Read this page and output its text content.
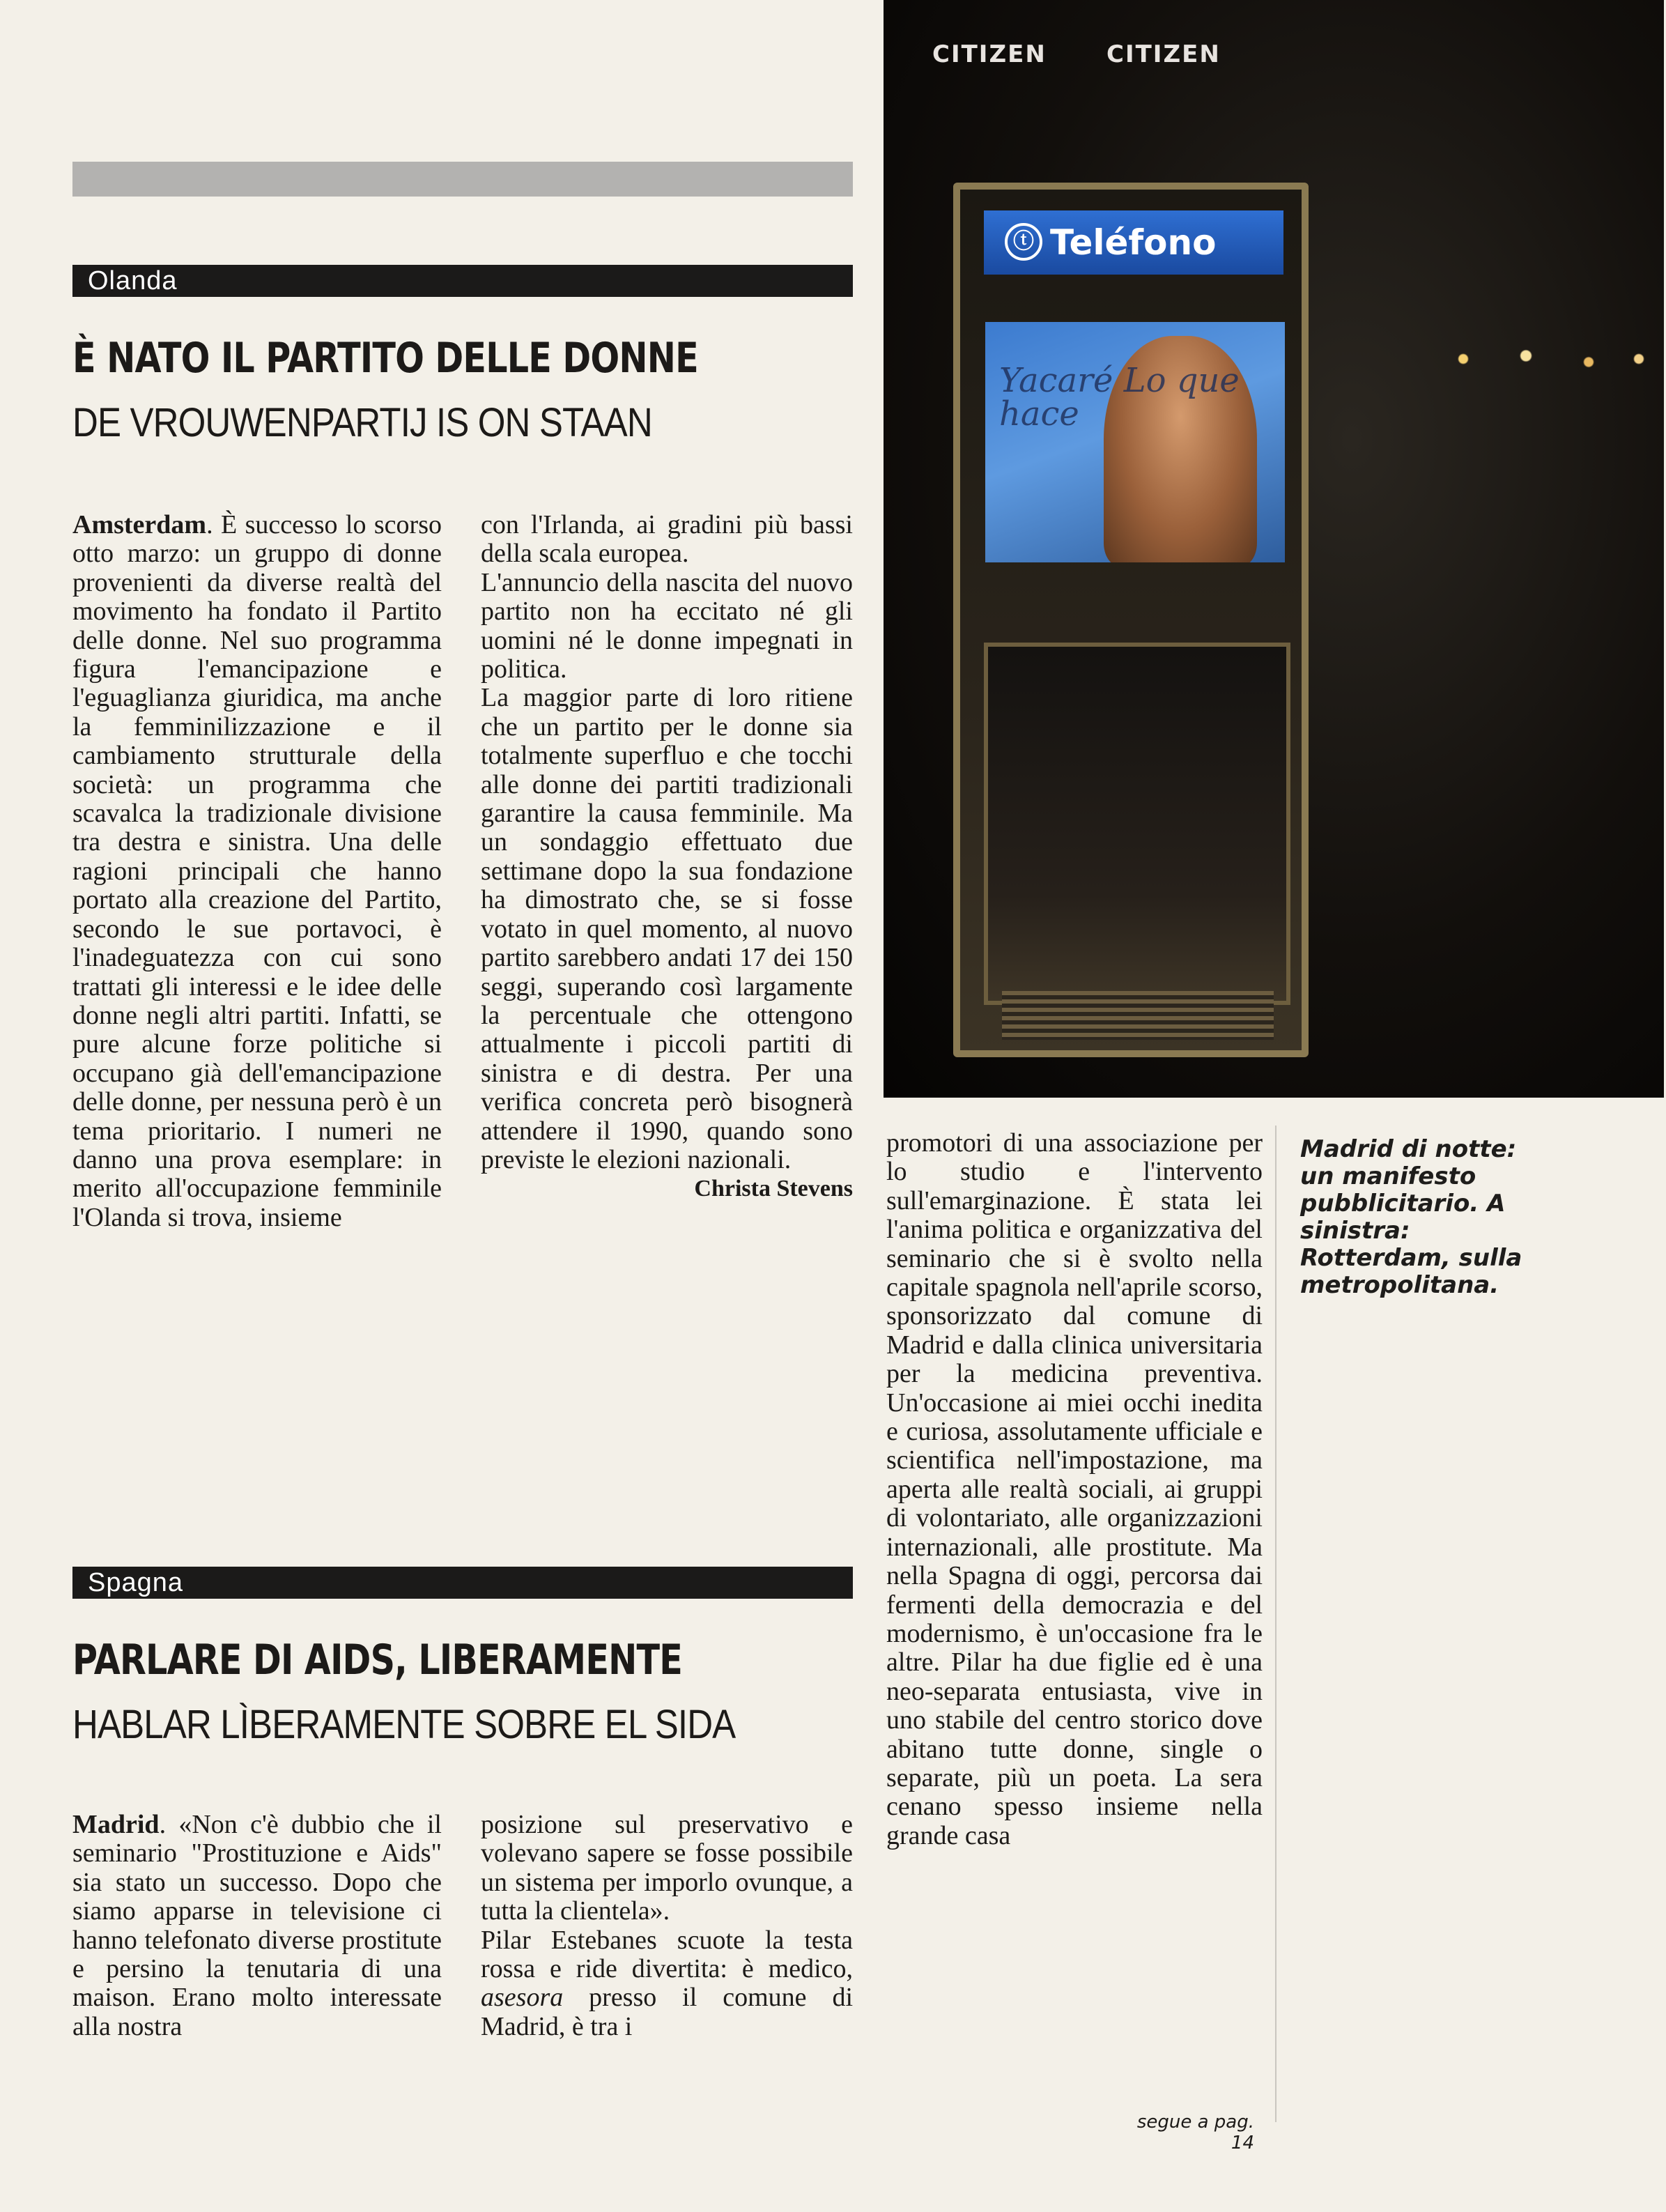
Olanda
È NATO IL PARTITO DELLE DONNE
DE VROUWENPARTIJ IS ON STAAN

Amsterdam. È successo lo scorso otto marzo: un gruppo di donne provenienti da diverse realtà del movimento ha fondato il Partito delle donne. Nel suo programma figura l'emancipazione e l'eguaglianza giuridica, ma anche la femminilizzazione e il cambiamento strutturale della società: un programma che scavalca la tradizionale divisione tra destra e sinistra. Una delle ragioni principali che hanno portato alla creazione del Partito, secondo le sue portavoci, è l'inadeguatezza con cui sono trattati gli interessi e le idee delle donne negli altri partiti. Infatti, se pure alcune forze politiche si occupano già dell'emancipazione delle donne, per nessuna però è un tema prioritario. I numeri ne danno una prova esemplare: in merito all'occupazione femminile l'Olanda si trova, insieme

con l'Irlanda, ai gradini più bassi della scala europea.

L'annuncio della nascita del nuovo partito non ha eccitato né gli uomini né le donne impegnati in politica.

La maggior parte di loro ritiene che un partito per le donne sia totalmente superfluo e che tocchi alle donne dei partiti tradizionali garantire la causa femminile. Ma un sondaggio effettuato due settimane dopo la sua fondazione ha dimostrato che, se si fosse votato in quel momento, al nuovo partito sarebbero andati 17 dei 150 seggi, superando così largamente la percentuale che ottengono attualmente i piccoli partiti di sinistra e di destra. Per una verifica concreta però bisognerà attendere il 1990, quando sono previste le elezioni nazionali.

Christa Stevens

Spagna
PARLARE DI AIDS, LIBERAMENTE
HABLAR LÌBERAMENTE SOBRE EL SIDA

Madrid. «Non c'è dubbio che il seminario "Prostituzione e Aids" sia stato un successo. Dopo che siamo apparse in televisione ci hanno telefonato diverse prostitute e persino la tenutaria di una maison. Erano molto interessate alla nostra

posizione sul preservativo e volevano sapere se fosse possibile un sistema per imporlo ovunque, a tutta la clientela».

Pilar Estebanes scuote la testa rossa e ride divertita: è medico, asesora presso il comune di Madrid, è tra i

promotori di una associazione per lo studio e l'intervento sull'emarginazione. È stata lei l'anima politica e organizzativa del seminario che si è svolto nella capitale spagnola nell'aprile scorso, sponsorizzato dal comune di Madrid e dalla clinica universitaria per la medicina preventiva. Un'occasione ai miei occhi inedita e curiosa, assolutamente ufficiale e scientifica nell'impostazione, ma aperta alle realtà sociali, ai gruppi di volontariato, alle organizzazioni internazionali, alle prostitute. Ma nella Spagna di oggi, percorsa dai fermenti della democrazia e del modernismo, è un'occasione fra le altre. Pilar ha due figlie ed è una neo-separata entusiasta, vive in uno stabile del centro storico dove abitano tutte donne, single o separate, più un poeta. La sera cenano spesso insieme nella grande casa

CITIZEN	CITIZEN
ⓣ Teléfono
Yacaré Lo que hace
Madrid di notte: un manifesto pubblicitario. A sinistra: Rotterdam, sulla metropolitana.
segue a pag. 14
